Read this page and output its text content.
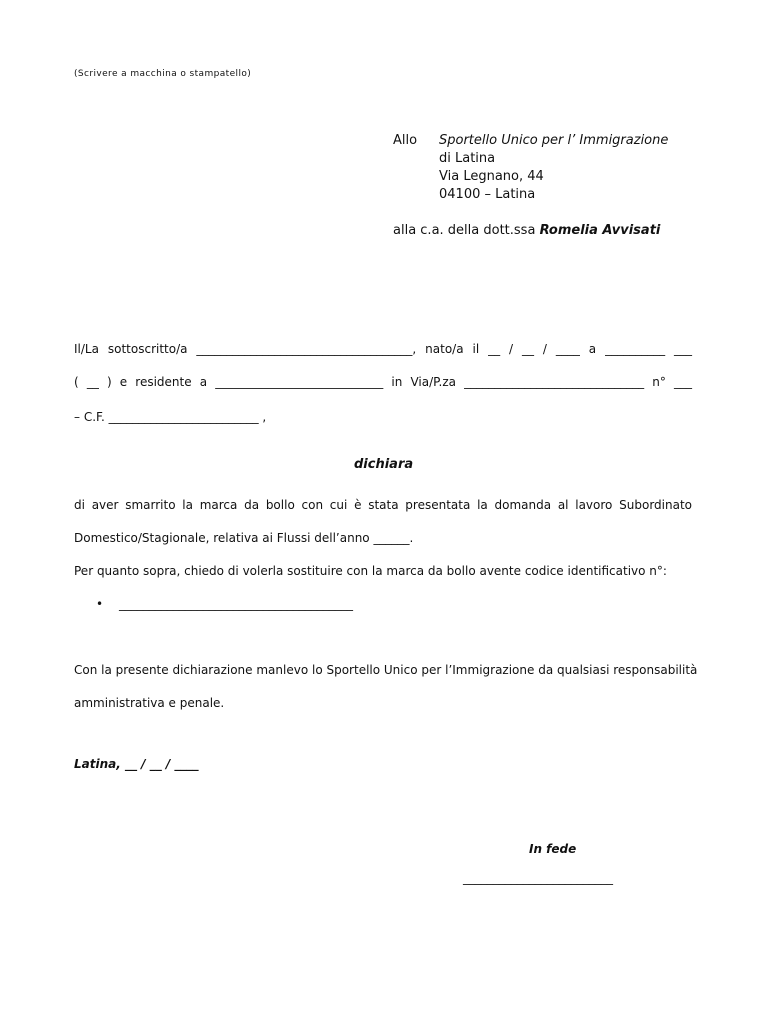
(Scrivere a macchina o stampatello)
Allo Sportello Unico per l’ Immigrazione
di Latina
Via Legnano, 44
04100 – Latina
alla c.a. della dott.ssa Romelia Avvisati
Il/La sottoscritto/a ____________________________________, nato/a il __ / __ / ____ a __________ ___
( __ ) e residente a ____________________________ in Via/P.za ______________________________ n° ___
– C.F. _________________________ ,
dichiara
di aver smarrito la marca da bollo con cui è stata presentata la domanda al lavoro Subordinato
Domestico/Stagionale, relativa ai Flussi dell’anno ______.
Per quanto sopra, chiedo di volerla sostituire con la marca da bollo avente codice identificativo n°:
• _______________________________________
Con la presente dichiarazione manlevo lo Sportello Unico per l’Immigrazione da qualsiasi responsabilità
amministrativa e penale.
Latina, __ / __ / ____
In fede
_________________________
